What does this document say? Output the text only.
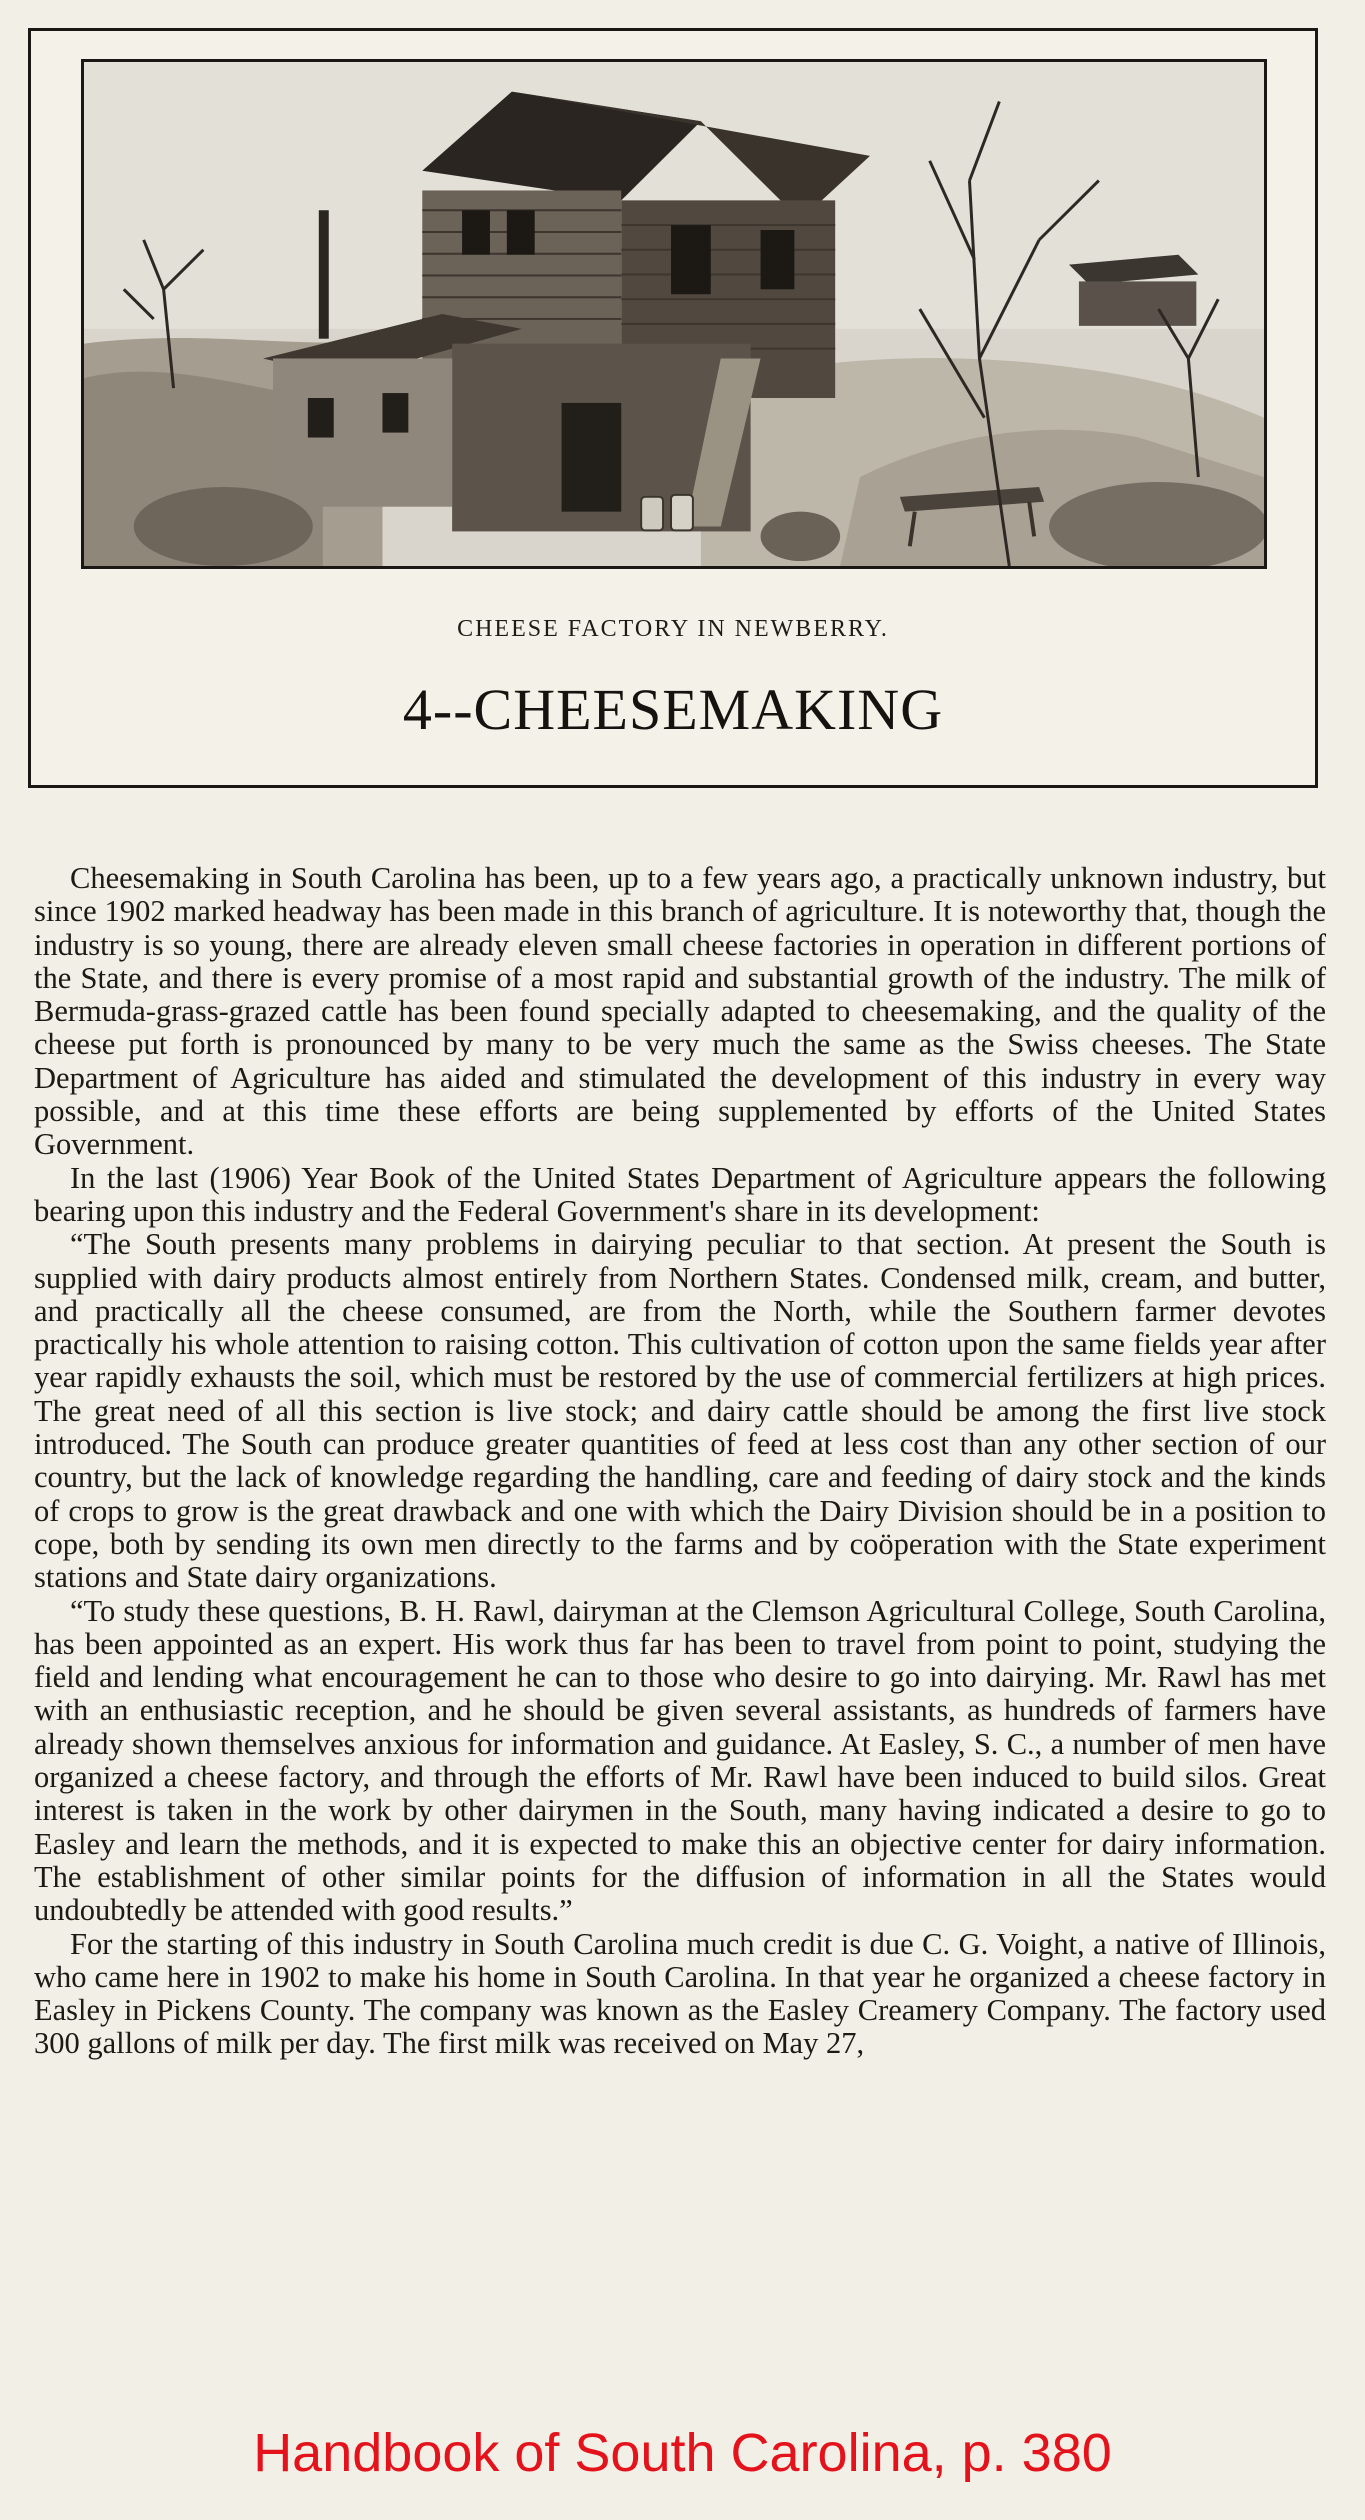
CHEESE FACTORY IN NEWBERRY.

4--CHEESEMAKING

Cheesemaking in South Carolina has been, up to a few years ago, a practically unknown industry, but since 1902 marked headway has been made in this branch of agriculture. It is noteworthy that, though the industry is so young, there are already eleven small cheese factories in operation in different portions of the State, and there is every promise of a most rapid and substantial growth of the industry. The milk of Bermuda-grass-grazed cattle has been found specially adapted to cheesemaking, and the quality of the cheese put forth is pronounced by many to be very much the same as the Swiss cheeses. The State Department of Agriculture has aided and stimulated the development of this industry in every way possible, and at this time these efforts are being supplemented by efforts of the United States Government.

In the last (1906) Year Book of the United States Department of Agriculture appears the following bearing upon this industry and the Federal Government's share in its development:

“The South presents many problems in dairying peculiar to that section. At present the South is supplied with dairy products almost entirely from Northern States. Condensed milk, cream, and butter, and practically all the cheese consumed, are from the North, while the Southern farmer devotes practically his whole attention to raising cotton. This cultivation of cotton upon the same fields year after year rapidly exhausts the soil, which must be restored by the use of commercial fertilizers at high prices. The great need of all this section is live stock; and dairy cattle should be among the first live stock introduced. The South can produce greater quantities of feed at less cost than any other section of our country, but the lack of knowledge regarding the handling, care and feeding of dairy stock and the kinds of crops to grow is the great drawback and one with which the Dairy Division should be in a position to cope, both by sending its own men directly to the farms and by coöperation with the State experiment stations and State dairy organizations.

“To study these questions, B. H. Rawl, dairyman at the Clemson Agricultural College, South Carolina, has been appointed as an expert. His work thus far has been to travel from point to point, studying the field and lending what encouragement he can to those who desire to go into dairying. Mr. Rawl has met with an enthusiastic reception, and he should be given several assistants, as hundreds of farmers have already shown themselves anxious for information and guidance. At Easley, S. C., a number of men have organized a cheese factory, and through the efforts of Mr. Rawl have been induced to build silos. Great interest is taken in the work by other dairymen in the South, many having indicated a desire to go to Easley and learn the methods, and it is expected to make this an objective center for dairy information. The establishment of other similar points for the diffusion of information in all the States would undoubtedly be attended with good results.”

For the starting of this industry in South Carolina much credit is due C. G. Voight, a native of Illinois, who came here in 1902 to make his home in South Carolina. In that year he organized a cheese factory in Easley in Pickens County. The company was known as the Easley Creamery Company. The factory used 300 gallons of milk per day. The first milk was received on May 27,

Handbook of South Carolina, p. 380
